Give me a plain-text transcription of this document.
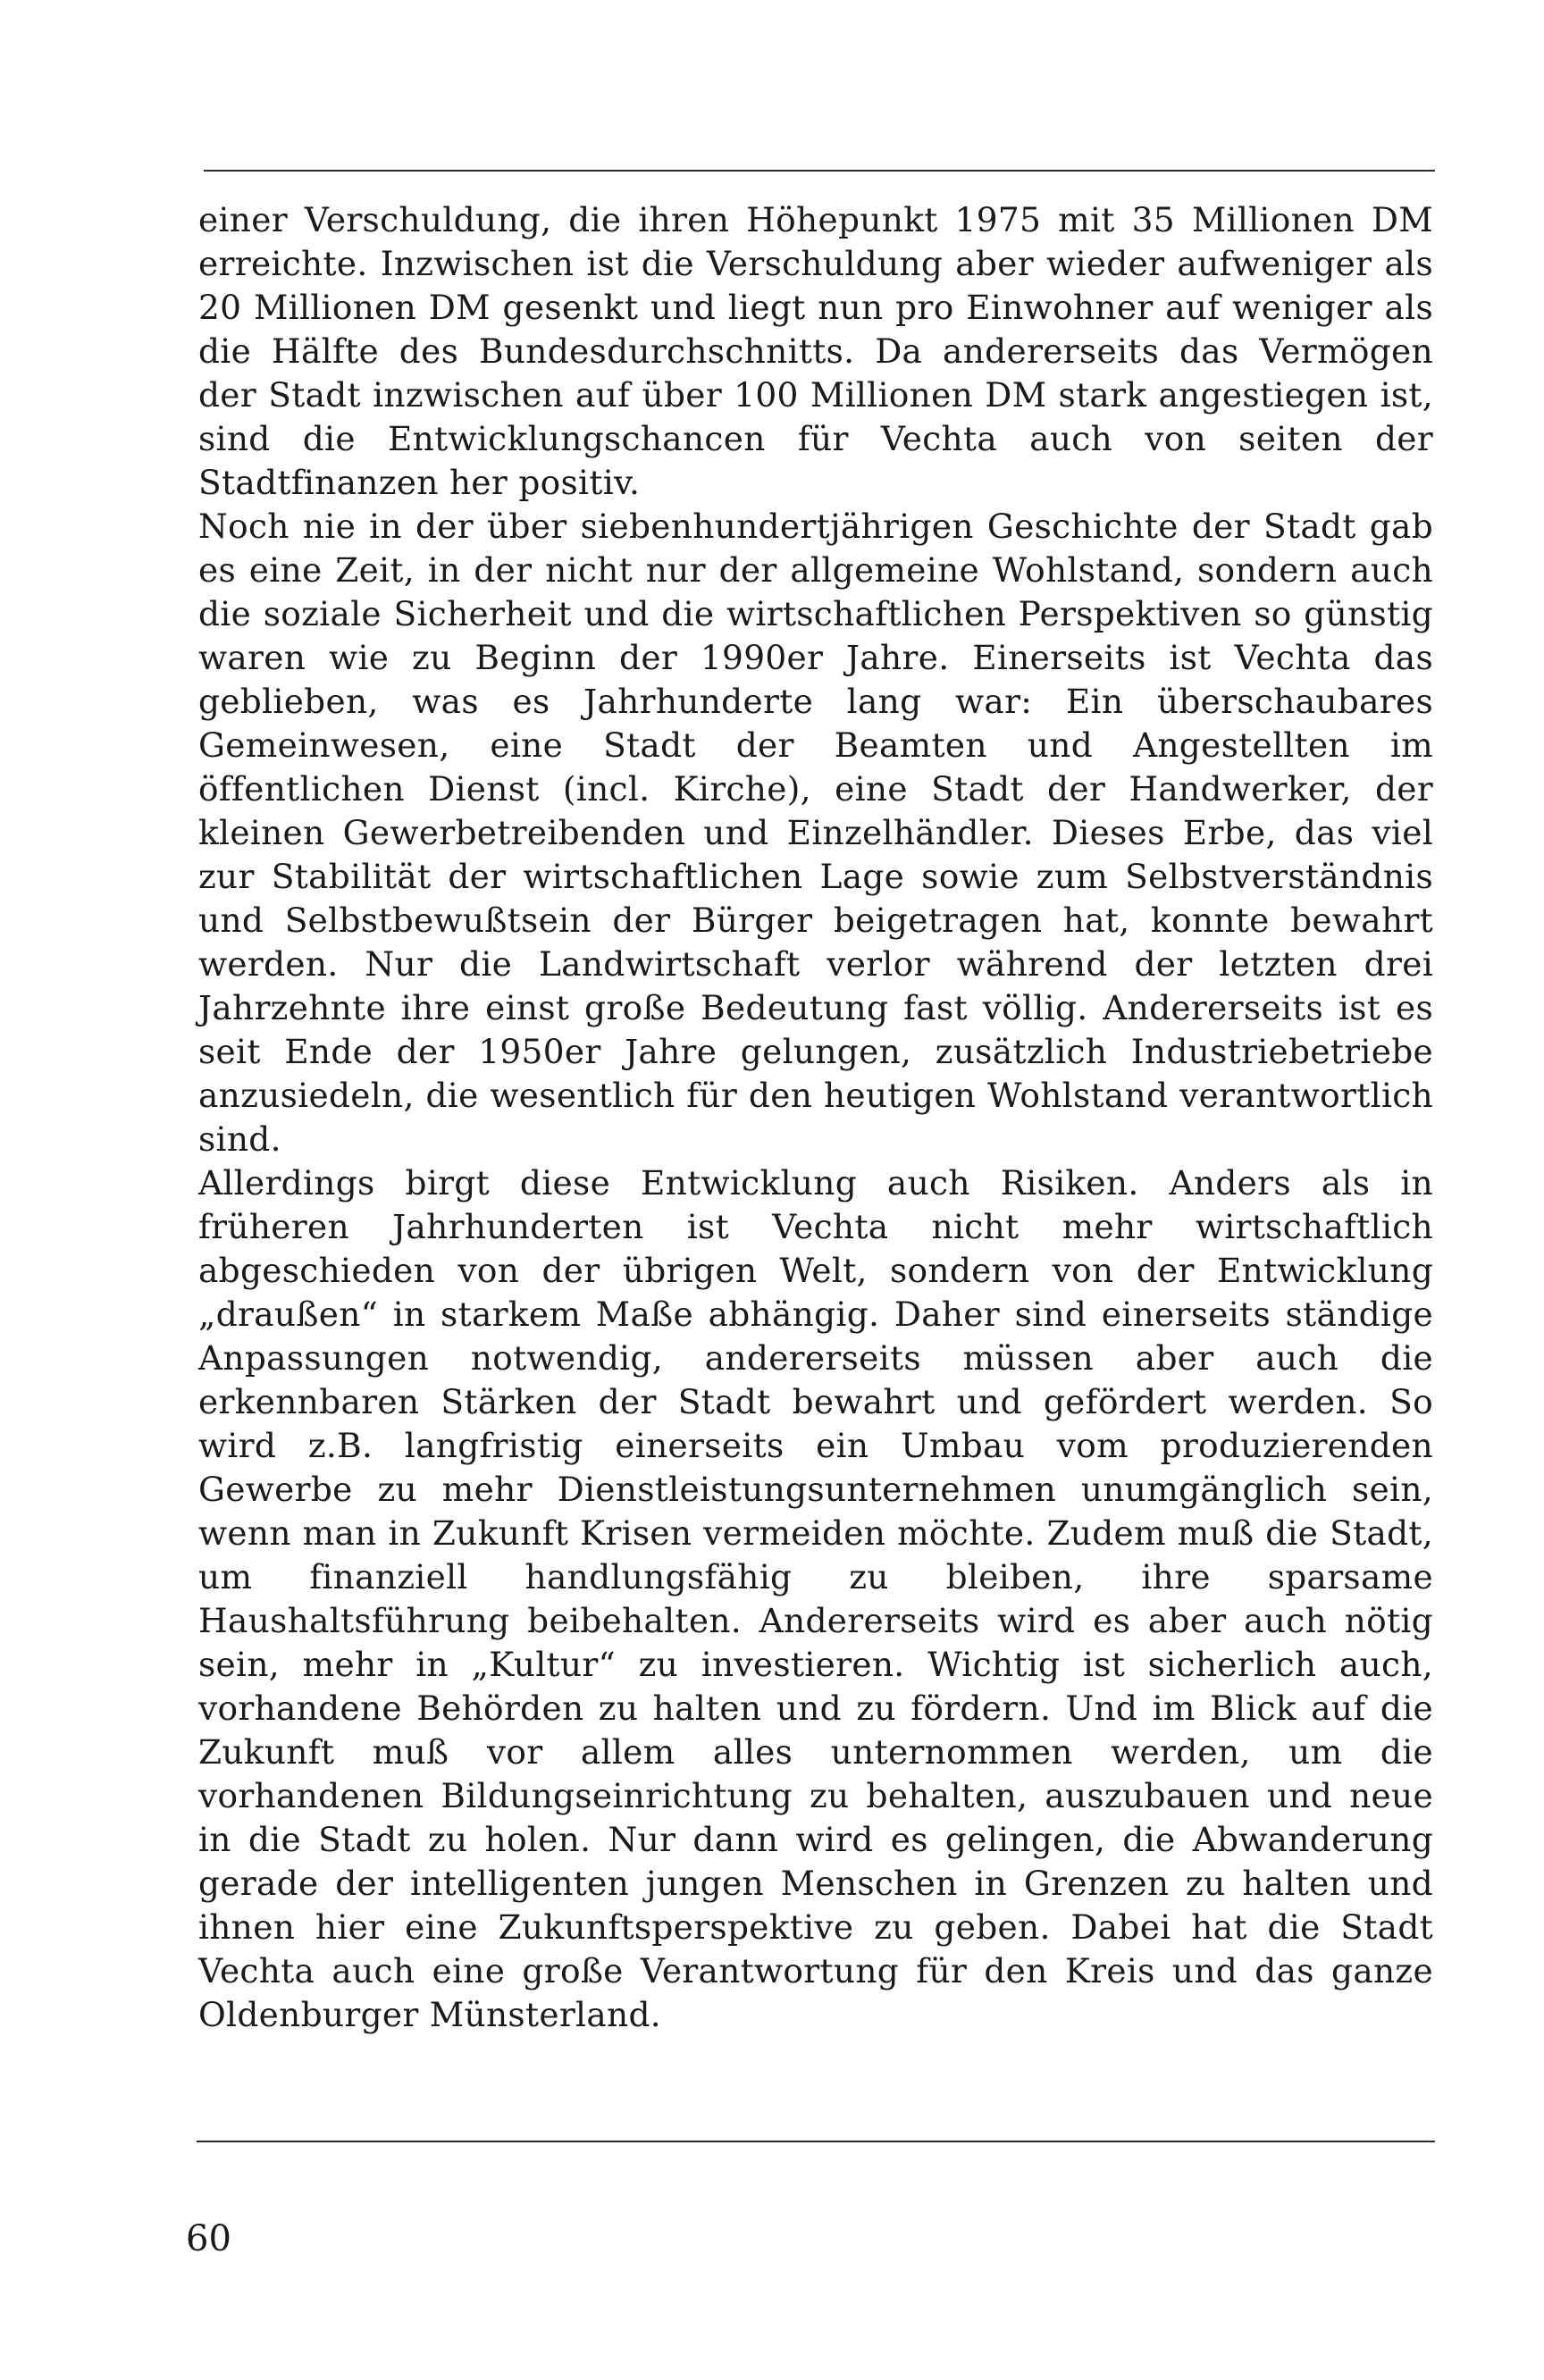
einer Verschuldung, die ihren Höhepunkt 1975 mit 35 Millionen DM erreichte. Inzwischen ist die Verschuldung aber wieder aufweniger als 20 Millionen DM gesenkt und liegt nun pro Einwohner auf weniger als die Hälfte des Bundesdurchschnitts. Da andererseits das Vermögen der Stadt inzwischen auf über 100 Millionen DM stark angestiegen ist, sind die Entwicklungschancen für Vechta auch von seiten der Stadtfinanzen her positiv.

Noch nie in der über siebenhundertjährigen Geschichte der Stadt gab es eine Zeit, in der nicht nur der allgemeine Wohlstand, sondern auch die soziale Sicherheit und die wirtschaftlichen Perspektiven so günstig waren wie zu Beginn der 1990er Jahre. Einerseits ist Vechta das geblieben, was es Jahrhunderte lang war: Ein überschaubares Gemeinwesen, eine Stadt der Beamten und Angestellten im öffentlichen Dienst (incl. Kirche), eine Stadt der Handwerker, der kleinen Gewerbetreibenden und Einzelhändler. Dieses Erbe, das viel zur Stabilität der wirtschaftlichen Lage sowie zum Selbstverständnis und Selbstbewußtsein der Bürger beigetragen hat, konnte bewahrt werden. Nur die Landwirtschaft verlor während der letzten drei Jahrzehnte ihre einst große Bedeutung fast völlig. Andererseits ist es seit Ende der 1950er Jahre gelungen, zusätzlich Industriebetriebe anzusiedeln, die wesentlich für den heutigen Wohlstand verantwortlich sind.

Allerdings birgt diese Entwicklung auch Risiken. Anders als in früheren Jahrhunderten ist Vechta nicht mehr wirtschaftlich abgeschieden von der übrigen Welt, sondern von der Entwicklung „draußen“ in starkem Maße abhängig. Daher sind einerseits ständige Anpassungen notwendig, andererseits müssen aber auch die erkennbaren Stärken der Stadt bewahrt und gefördert werden. So wird z.B. langfristig einerseits ein Umbau vom produzierenden Gewerbe zu mehr Dienstleistungsunternehmen unumgänglich sein, wenn man in Zukunft Krisen vermeiden möchte. Zudem muß die Stadt, um finanziell handlungsfähig zu bleiben, ihre sparsame Haushaltsführung beibehalten. Andererseits wird es aber auch nötig sein, mehr in „Kultur“ zu investieren. Wichtig ist sicherlich auch, vorhandene Behörden zu halten und zu fördern. Und im Blick auf die Zukunft muß vor allem alles unternommen werden, um die vorhandenen Bildungseinrichtung zu behalten, auszubauen und neue in die Stadt zu holen. Nur dann wird es gelingen, die Abwanderung gerade der intelligenten jungen Menschen in Grenzen zu halten und ihnen hier eine Zukunftsperspektive zu geben. Dabei hat die Stadt Vechta auch eine große Verantwortung für den Kreis und das ganze Oldenburger Münsterland.

60
